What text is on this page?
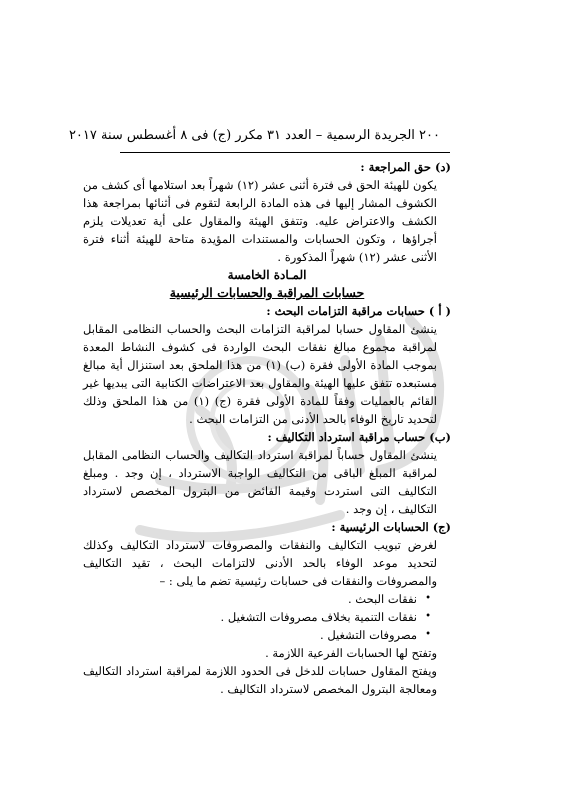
٢٠٠ الجريدة الرسمية – العدد ٣١ مكرر (ج) فى ٨ أغسطس سنة ٢٠١٧

(د) حق المراجعة :

يكون للهيئة الحق فى فترة أثنى عشر (١٢) شهراً بعد استلامها أى كشف من الكشوف المشار إليها فى هذه المادة الرابعة لتقوم فى أثنائها بمراجعة هذا الكشف والاعتراض عليه. وتتفق الهيئة والمقاول على أية تعديلات يلزم أجراؤها ، وتكون الحسابات والمستندات المؤيدة متاحة للهيئة أثناء فترة الأثنى عشر (١٢) شهراً المذكورة .

المـادة الخامسة

حسابات المراقبة والحسابات الرئيسية

( أ ) حسابات مراقبة التزامات البحث :

ينشئ المقاول حسابا لمراقبة التزامات البحث والحساب النظامى المقابل لمراقبة مجموع مبالغ نفقات البحث الواردة فى كشوف النشاط المعدة بموجب المادة الأولى فقرة (ب) (١) من هذا الملحق بعد استنزال أية مبالغ مستبعده تتفق عليها الهيئة والمقاول بعد الاعتراضات الكتابية التى يبديها غير القائم بالعمليات وفقاً للمادة الأولى فقرة (ج) (١) من هذا الملحق وذلك لتحديد تاريخ الوفاء بالحد الأدنى من التزامات البحث .

(ب) حساب مراقبة استرداد التكاليف :

ينشئ المقاول حساباً لمراقبة استرداد التكاليف والحساب النظامى المقابل لمراقبة المبلغ الباقى من التكاليف الواجبة الاسترداد ، إن وجد . ومبلغ التكاليف التى استردت وقيمة الفائض من البترول المخصص لاسترداد التكاليف ، إن وجد .

(ج) الحسابات الرئيسية :

لغرض تبويب التكاليف والنفقات والمصروفات لاسترداد التكاليف وكذلك لتحديد موعد الوفاء بالحد الأدنى لالتزامات البحث ، تقيد التكاليف والمصروفات والنفقات فى حسابات رئيسية تضم ما يلى : –

•
نفقات البحث .
•
نفقات التنمية بخلاف مصروفات التشغيل .
•
مصروفات التشغيل .

وتفتح لها الحسابات الفرعية اللازمة .

ويفتح المقاول حسابات للدخل فى الحدود اللازمة لمراقبة استرداد التكاليف ومعالجة البترول المخصص لاسترداد التكاليف .
